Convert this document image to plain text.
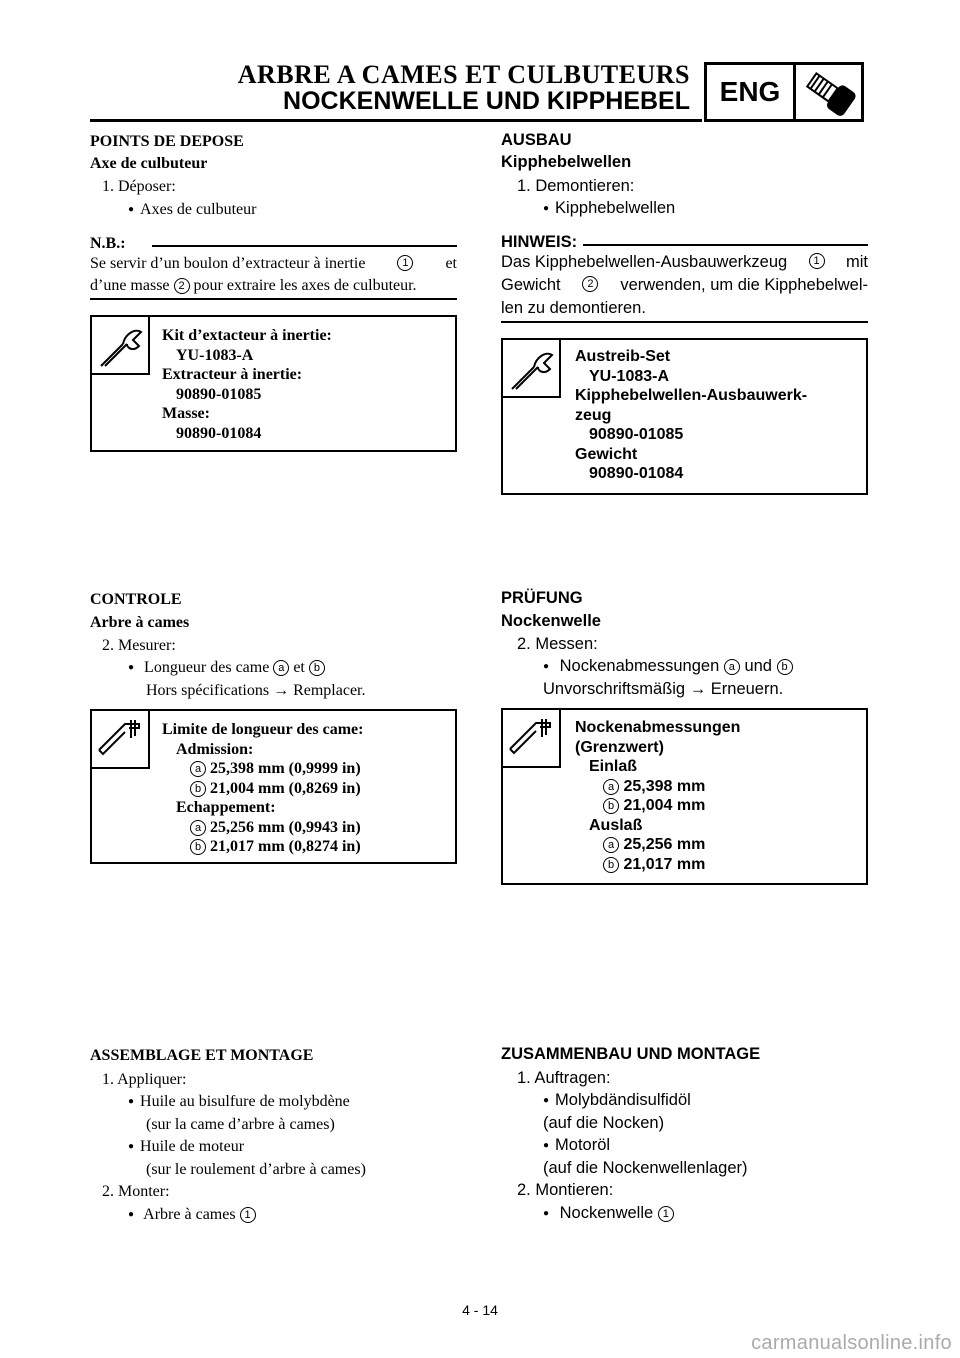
ARBRE A CAMES ET CULBUTEURS
NOCKENWELLE UND KIPPHEBEL	ENG
POINTS DE DEPOSE
Axe de culbuteur
1. Déposer:
● Axes de culbuteur
N.B.:
Se servir d’un boulon d’extracteur à inertie	1	et
d’une masse 2 pour extraire les axes de culbuteur.
Kit d’extacteur à inertie:
YU-1083-A
Extracteur à inertie:
90890-01085
Masse:
90890-01084
CONTROLE
Arbre à cames
2. Mesurer:
● Longueur des came a et b
Hors spécifications → Remplacer.
Limite de longueur des came:
Admission:
a 25,398 mm (0,9999 in)
b 21,004 mm (0,8269 in)
Echappement:
a 25,256 mm (0,9943 in)
b 21,017 mm (0,8274 in)
ASSEMBLAGE ET MONTAGE
1. Appliquer:
● Huile au bisulfure de molybdène
(sur la came d’arbre à cames)
● Huile de moteur
(sur le roulement d’arbre à cames)
2. Monter:
● Arbre à cames 1
AUSBAU
Kipphebelwellen
1. Demontieren:
● Kipphebelwellen
HINWEIS:
Das Kipphebelwellen-Ausbauwerkzeug	1 mit
Gewicht	2 verwenden, um die Kipphebelwel-
len zu demontieren.
Austreib-Set
YU-1083-A
Kipphebelwellen-Ausbauwerk-
zeug
90890-01085
Gewicht
90890-01084
PRÜFUNG
Nockenwelle
2. Messen:
● Nockenabmessungen a und b
Unvorschriftsmäßig → Erneuern.
Nockenabmessungen
(Grenzwert)
Einlaß
a 25,398 mm
b 21,004 mm
Auslaß
a 25,256 mm
b 21,017 mm
ZUSAMMENBAU UND MONTAGE
1. Auftragen:
● Molybdändisulfidöl
(auf die Nocken)
● Motoröl
(auf die Nockenwellenlager)
2. Montieren:
● Nockenwelle 1
4 - 14
carmanualsonline.info
